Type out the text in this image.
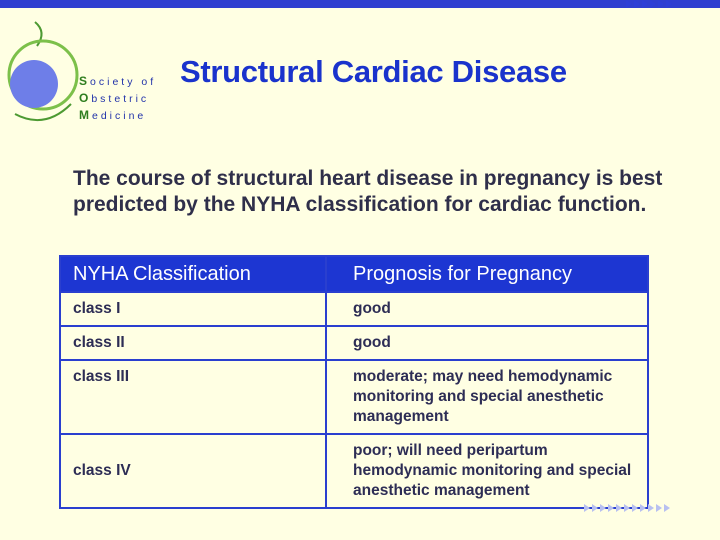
Society of
Obstetric
Medicine
Structural Cardiac Disease
The course of structural heart disease in pregnancy is best predicted by the NYHA classification for cardiac function.
NYHA Classification	Prognosis for Pregnancy
class I	good
class II	good
class III	moderate; may need hemodynamic monitoring and special anesthetic management
class IV	poor; will need peripartum hemodynamic monitoring and special anesthetic management
